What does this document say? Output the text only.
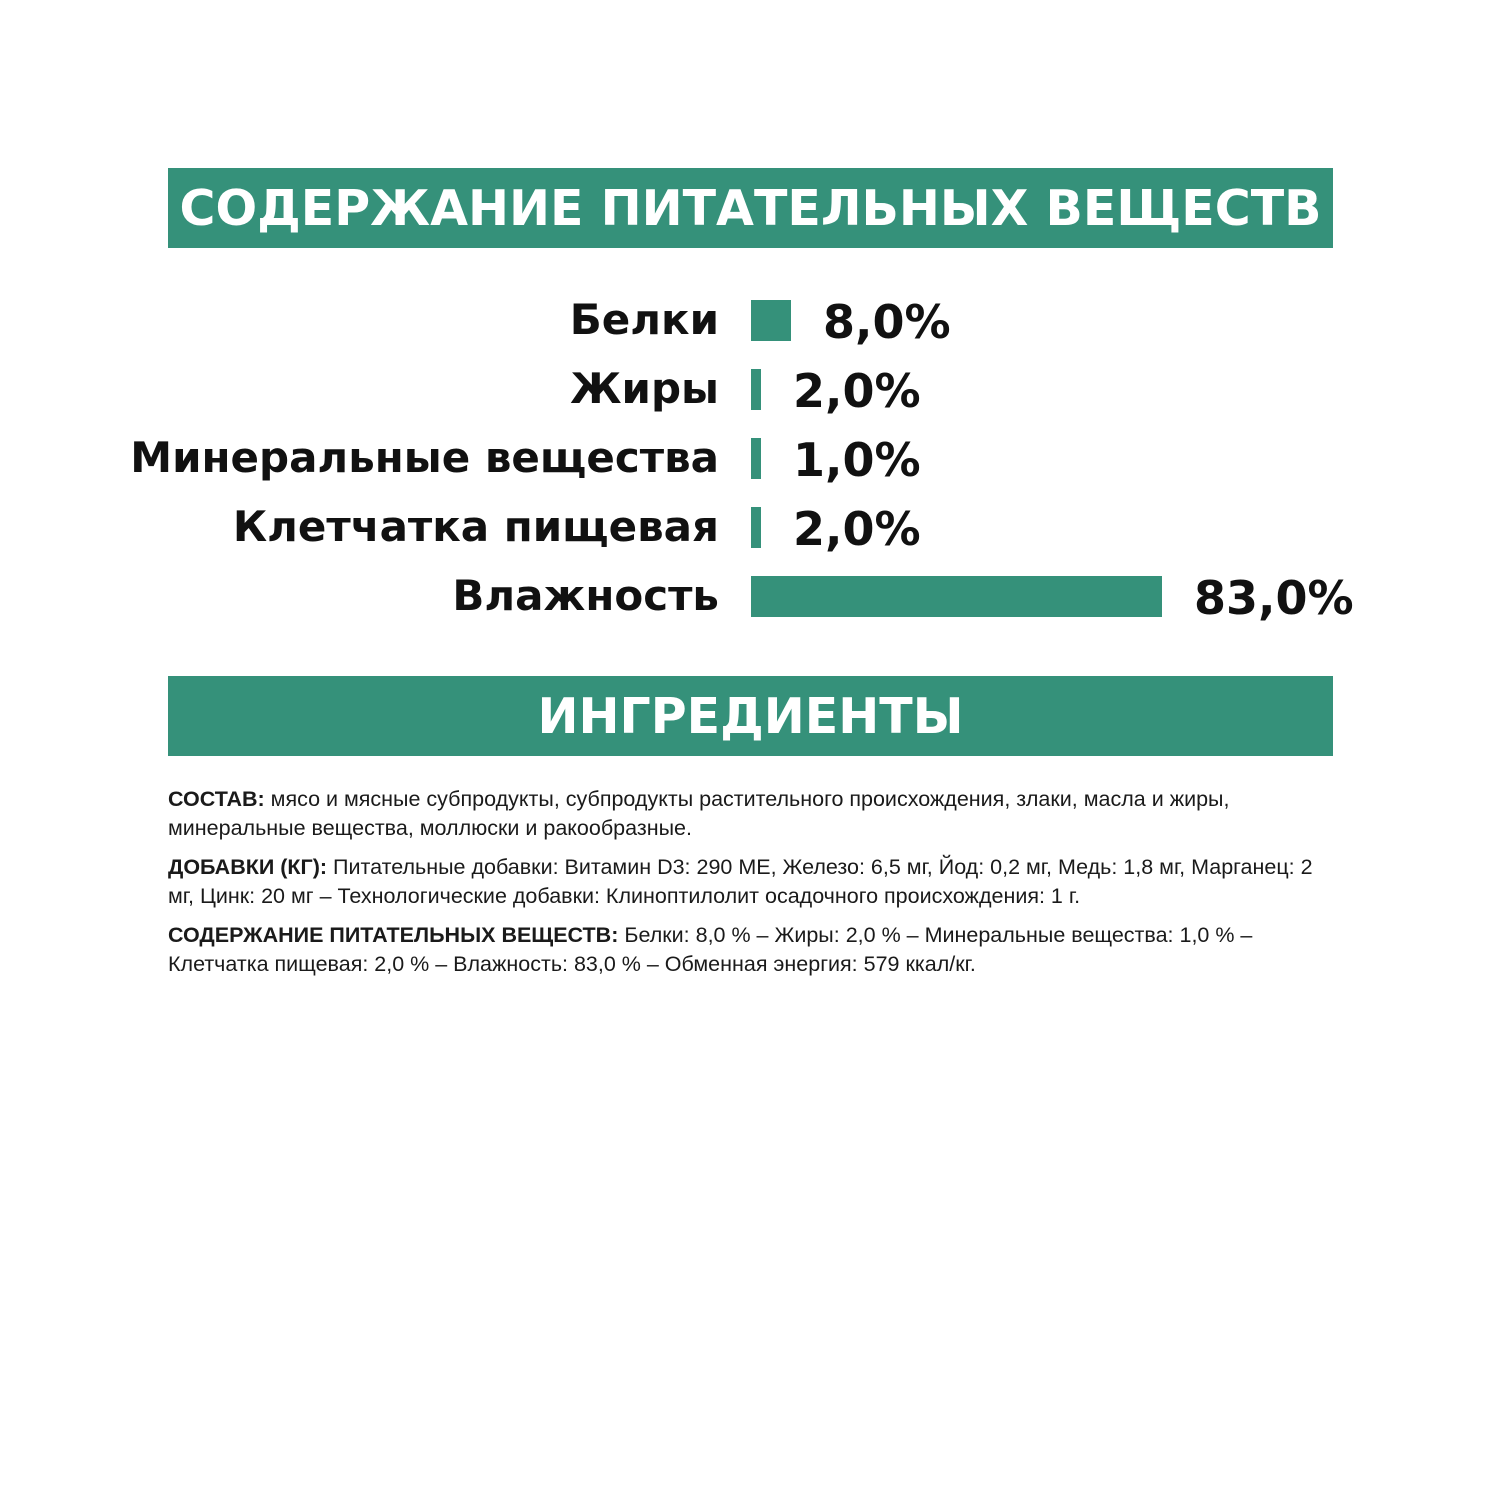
СОДЕРЖАНИЕ ПИТАТЕЛЬНЫХ ВЕЩЕСТВ
Белки 8,0%
Жиры 2,0%
Минеральные вещества 1,0%
Клетчатка пищевая 2,0%
Влажность	83,0%
ИНГРЕДИЕНТЫ

СОСТАВ: мясо и мясные субпродукты, субпродукты растительного происхождения, злаки, масла и жиры, минеральные вещества, моллюски и ракообразные.

ДОБАВКИ (КГ): Питательные добавки: Витамин D3: 290 МЕ, Железо: 6,5 мг, Йод: 0,2 мг, Медь: 1,8 мг, Марганец: 2 мг, Цинк: 20 мг – Технологические добавки: Клиноптилолит осадочного происхождения: 1 г.

СОДЕРЖАНИЕ ПИТАТЕЛЬНЫХ ВЕЩЕСТВ: Белки: 8,0 % – Жиры: 2,0 % – Минеральные вещества: 1,0 % – Клетчатка пищевая: 2,0 % – Влажность: 83,0 % – Обменная энергия: 579 ккал/кг.
